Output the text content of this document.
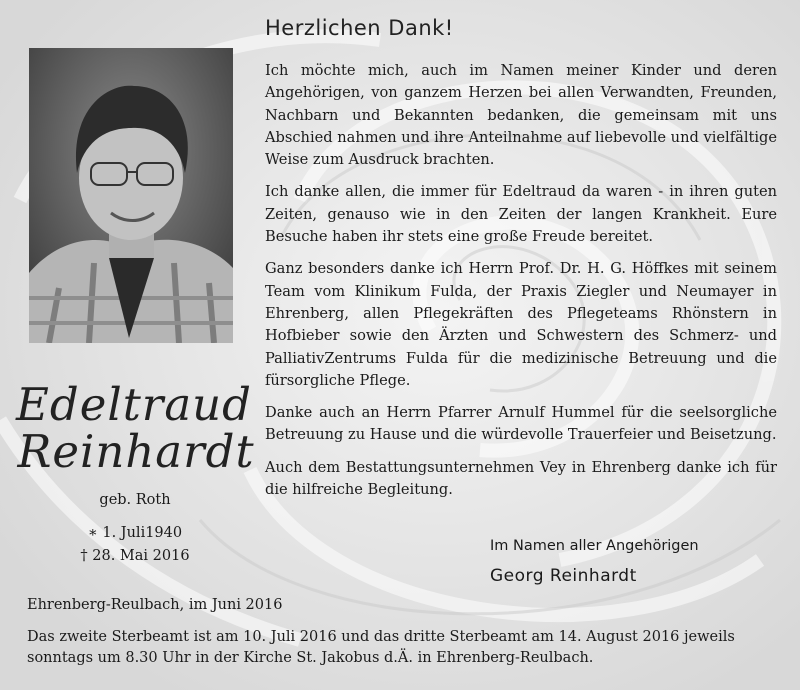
Herzlichen Dank!

Ich möchte mich, auch im Namen meiner Kinder und deren Angehörigen, von ganzem Herzen bei allen Verwandten, Freunden, Nachbarn und Bekannten bedanken, die gemeinsam mit uns Abschied nahmen und ihre Anteilnahme auf liebevolle und vielfältige Weise zum Ausdruck brachten.

Ich danke allen, die immer für Edeltraud da waren - in ihren guten Zeiten, genauso wie in den Zeiten der langen Krankheit. Eure Besuche haben ihr stets eine große Freude bereitet.

Ganz besonders danke ich Herrn Prof. Dr. H. G. Höffkes mit seinem Team vom Klinikum Fulda, der Praxis Ziegler und Neumayer in Ehrenberg, allen Pflegekräften des Pflegeteams Rhönstern in Hofbieber sowie den Ärzten und Schwestern des Schmerz- und PalliativZentrums Fulda für die medizinische Betreuung und die fürsorgliche Pflege.

Danke auch an Herrn Pfarrer Arnulf Hummel für die seelsorgliche Betreuung zu Hause und die würdevolle Trauerfeier und Beisetzung.

Auch dem Bestattungsunternehmen Vey in Ehrenberg danke ich für die hilfreiche Begleitung.

Edeltraud
Reinhardt
geb. Roth
∗ 1. Juli1940
† 28. Mai 2016
Im Namen aller Angehörigen
Georg Reinhardt
Ehrenberg-Reulbach, im Juni 2016
Das zweite Sterbeamt ist am 10. Juli 2016 und das dritte Sterbeamt am 14. August 2016 jeweils
sonntags um 8.30 Uhr in der Kirche St. Jakobus d.Ä. in Ehrenberg-Reulbach.
